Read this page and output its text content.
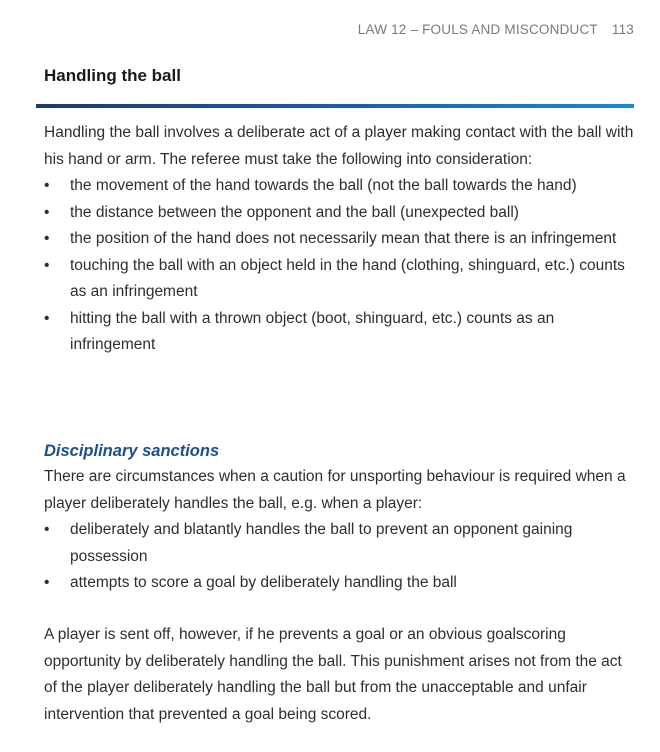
LAW 12 – FOULS AND MISCONDUCT 113
Handling the ball

Handling the ball involves a deliberate act of a player making contact with the ball with his hand or arm. The referee must take the following into consideration:

• the movement of the hand towards the ball (not the ball towards the hand)
• the distance between the opponent and the ball (unexpected ball)
• the position of the hand does not necessarily mean that there is an infringement
• touching the ball with an object held in the hand (clothing, shinguard, etc.) counts as an infringement
• hitting the ball with a thrown object (boot, shinguard, etc.) counts as an infringement
Disciplinary sanctions

There are circumstances when a caution for unsporting behaviour is required when a player deliberately handles the ball, e.g. when a player:

• deliberately and blatantly handles the ball to prevent an opponent gaining possession
• attempts to score a goal by deliberately handling the ball

A player is sent off, however, if he prevents a goal or an obvious goalscoring opportunity by deliberately handling the ball. This punishment arises not from the act of the player deliberately handling the ball but from the unacceptable and unfair intervention that prevented a goal being scored.
